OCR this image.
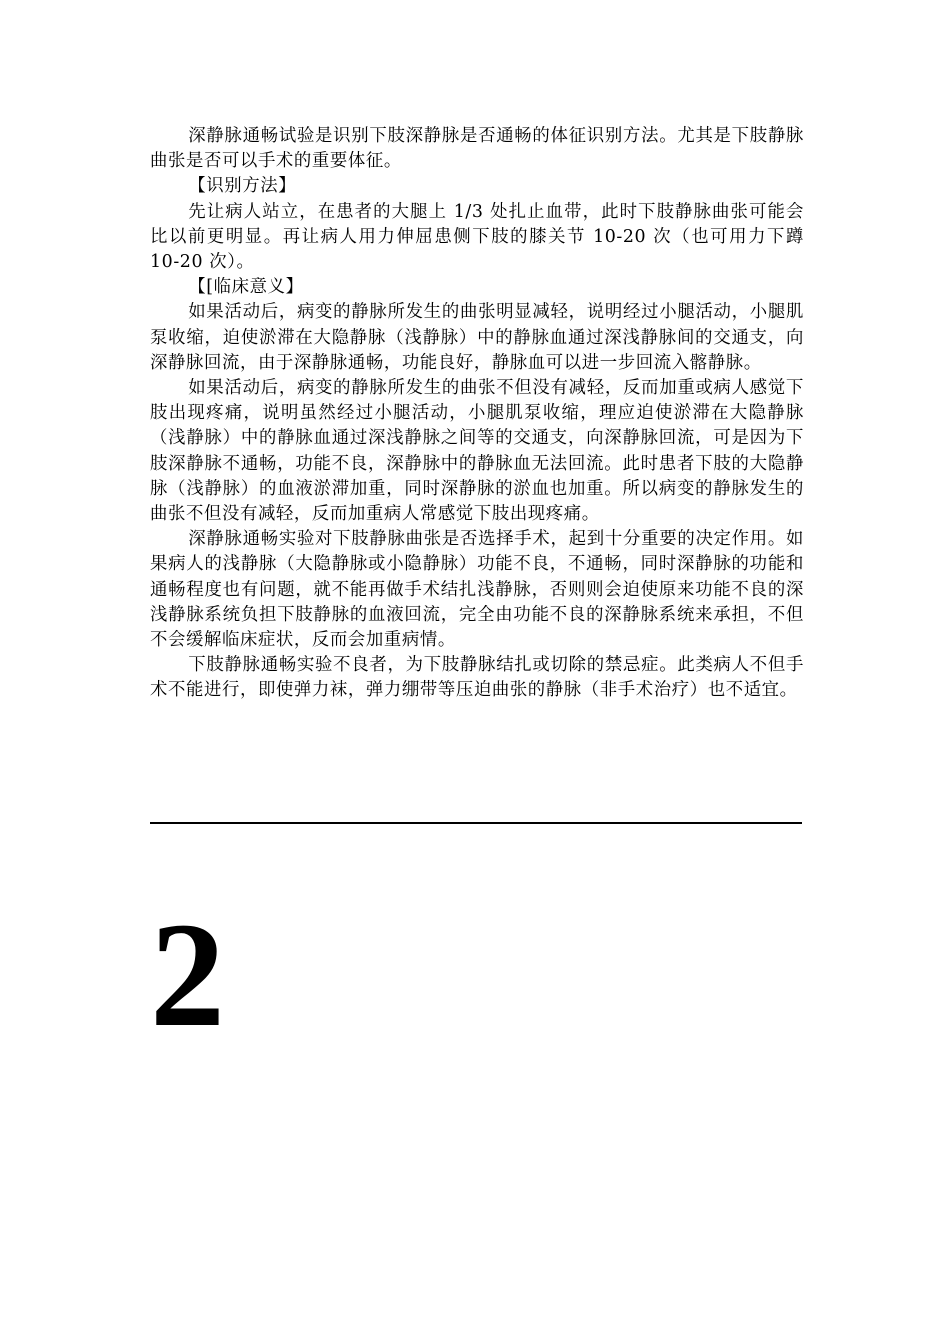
深静脉通畅试验是识别下肢深静脉是否通畅的体征识别方法。尤其是下肢静脉曲张是否可以手术的重要体征。

【识别方法】

先让病人站立，在患者的大腿上 1/3 处扎止血带，此时下肢静脉曲张可能会比以前更明显。再让病人用力伸屈患侧下肢的膝关节 10-20 次（也可用力下蹲 10-20 次）。

【[临床意义】

如果活动后，病变的静脉所发生的曲张明显减轻，说明经过小腿活动，小腿肌泵收缩，迫使淤滞在大隐静脉（浅静脉）中的静脉血通过深浅静脉间的交通支，向深静脉回流，由于深静脉通畅，功能良好，静脉血可以进一步回流入髂静脉。

如果活动后，病变的静脉所发生的曲张不但没有减轻，反而加重或病人感觉下肢出现疼痛，说明虽然经过小腿活动，小腿肌泵收缩，理应迫使淤滞在大隐静脉（浅静脉）中的静脉血通过深浅静脉之间等的交通支，向深静脉回流，可是因为下肢深静脉不通畅，功能不良，深静脉中的静脉血无法回流。此时患者下肢的大隐静脉（浅静脉）的血液淤滞加重，同时深静脉的淤血也加重。所以病变的静脉发生的曲张不但没有减轻，反而加重病人常感觉下肢出现疼痛。

深静脉通畅实验对下肢静脉曲张是否选择手术，起到十分重要的决定作用。如果病人的浅静脉（大隐静脉或小隐静脉）功能不良，不通畅，同时深静脉的功能和通畅程度也有问题，就不能再做手术结扎浅静脉，否则则会迫使原来功能不良的深浅静脉系统负担下肢静脉的血液回流，完全由功能不良的深静脉系统来承担，不但不会缓解临床症状，反而会加重病情。

下肢静脉通畅实验不良者，为下肢静脉结扎或切除的禁忌症。此类病人不但手术不能进行，即使弹力袜，弹力绷带等压迫曲张的静脉（非手术治疗）也不适宜。

2
